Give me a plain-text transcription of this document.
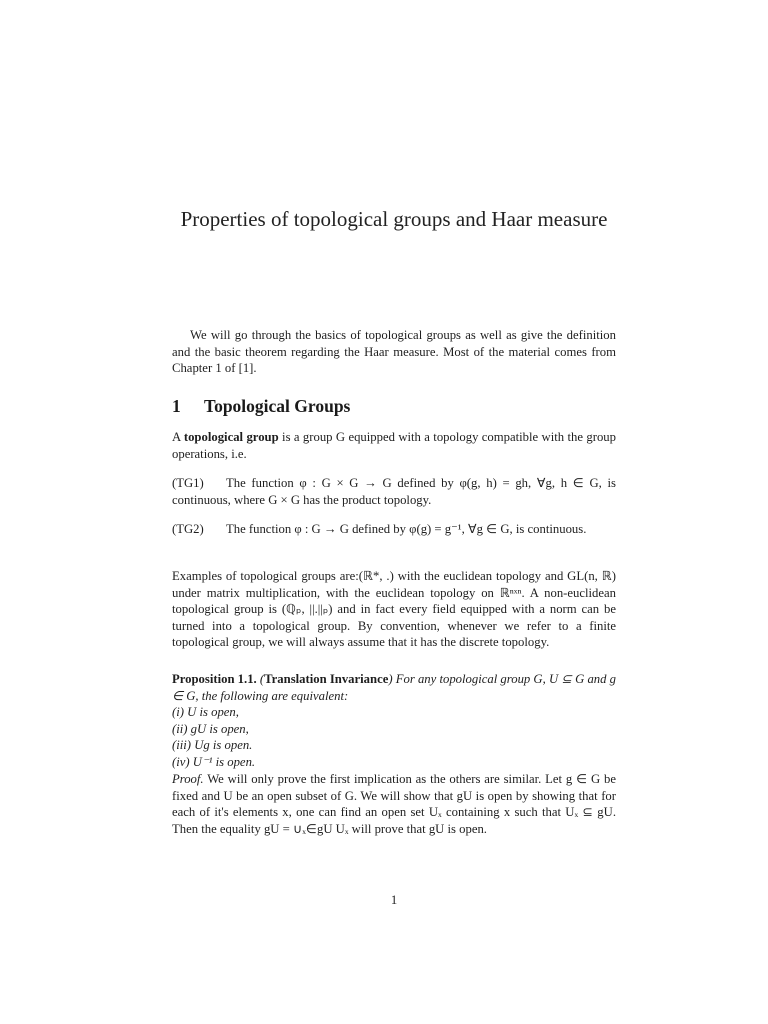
Properties of topological groups and Haar measure
We will go through the basics of topological groups as well as give the definition and the basic theorem regarding the Haar measure. Most of the material comes from Chapter 1 of [1].
1 Topological Groups
A topological group is a group G equipped with a topology compatible with the group operations, i.e.
(TG1) The function φ : G × G → G defined by φ(g, h) = gh, ∀g, h ∈ G, is continuous, where G × G has the product topology.
(TG2) The function φ : G → G defined by φ(g) = g⁻¹, ∀g ∈ G, is continuous.
Examples of topological groups are:(ℝ*, .) with the euclidean topology and GL(n, ℝ) under matrix multiplication, with the euclidean topology on ℝⁿˣⁿ. A non-euclidean topological group is (ℚₚ, ||.||ₚ) and in fact every field equipped with a norm can be turned into a topological group. By convention, whenever we refer to a finite topological group, we will always assume that it has the discrete topology.
Proposition 1.1. (Translation Invariance) For any topological group G, U ⊆ G and g ∈ G, the following are equivalent:
(i) U is open,
(ii) gU is open,
(iii) Ug is open.
(iv) U⁻¹ is open.
Proof. We will only prove the first implication as the others are similar. Let g ∈ G be fixed and U be an open subset of G. We will show that gU is open by showing that for each of it's elements x, one can find an open set Uₓ containing x such that Uₓ ⊆ gU. Then the equality gU = ∪ₓ∈gU Uₓ will prove that gU is open.
1
